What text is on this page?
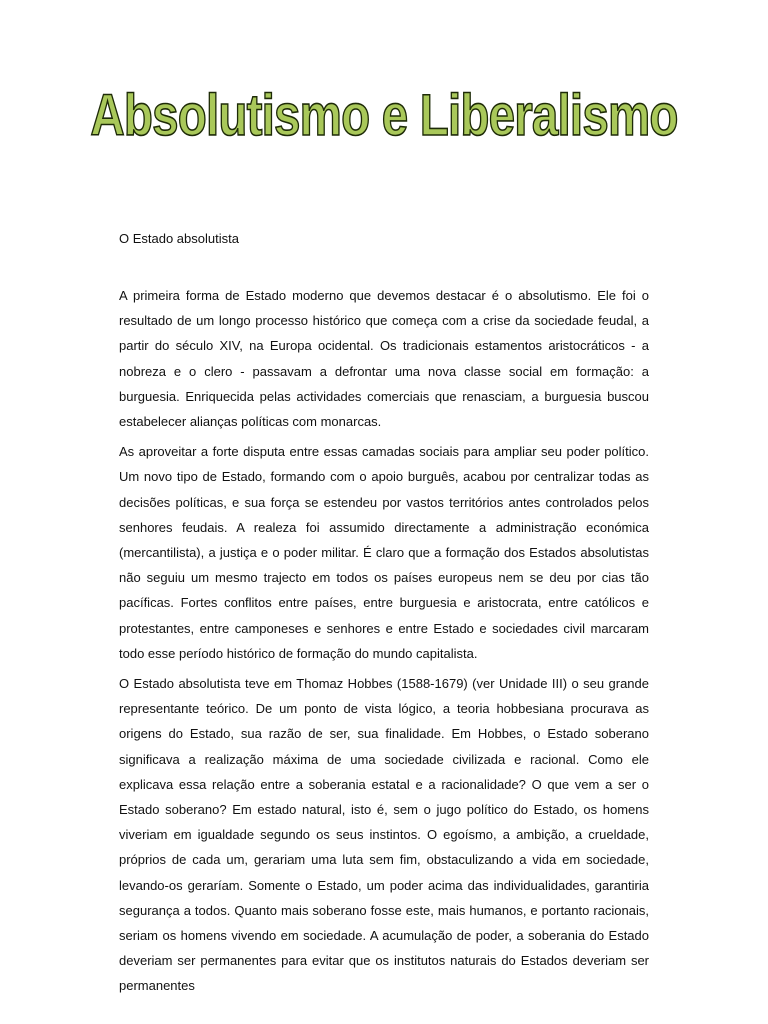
Absolutismo e Liberalismo

O Estado absolutista

A primeira forma de Estado moderno que devemos destacar é o absolutismo. Ele foi o resultado de um longo processo histórico que começa com a crise da sociedade feudal, a partir do século XIV, na Europa ocidental. Os tradicionais estamentos aristocráticos - a nobreza e o clero - passavam a defrontar uma nova classe social em formação: a burguesia. Enriquecida pelas actividades comerciais que renasciam, a burguesia buscou estabelecer alianças políticas com monarcas.

As aproveitar a forte disputa entre essas camadas sociais para ampliar seu poder político. Um novo tipo de Estado, formando com o apoio burguês, acabou por centralizar todas as decisões políticas, e sua força se estendeu por vastos territórios antes controlados pelos senhores feudais. A realeza foi assumido directamente a administração económica (mercantilista), a justiça e o poder militar. É claro que a formação dos Estados absolutistas não seguiu um mesmo trajecto em todos os países europeus nem se deu por cias tão pacíficas. Fortes conflitos entre países, entre burguesia e aristocrata, entre católicos e protestantes, entre camponeses e senhores e entre Estado e sociedades civil marcaram todo esse período histórico de formação do mundo capitalista.

O Estado absolutista teve em Thomaz Hobbes (1588-1679) (ver Unidade III) o seu grande representante teórico. De um ponto de vista lógico, a teoria hobbesiana procurava as origens do Estado, sua razão de ser, sua finalidade. Em Hobbes, o Estado soberano significava a realização máxima de uma sociedade civilizada e racional. Como ele explicava essa relação entre a soberania estatal e a racionalidade? O que vem a ser o Estado soberano? Em estado natural, isto é, sem o jugo político do Estado, os homens viveriam em igualdade segundo os seus instintos. O egoísmo, a ambição, a crueldade, próprios de cada um, gerariam uma luta sem fim, obstaculizando a vida em sociedade, levando-os geraríam. Somente o Estado, um poder acima das individualidades, garantiria segurança a todos. Quanto mais soberano fosse este, mais humanos, e portanto racionais, seriam os homens vivendo em sociedade. A acumulação de poder, a soberania do Estado deveriam ser permanentes para evitar que os institutos naturais do Estados deveriam ser permanentes
